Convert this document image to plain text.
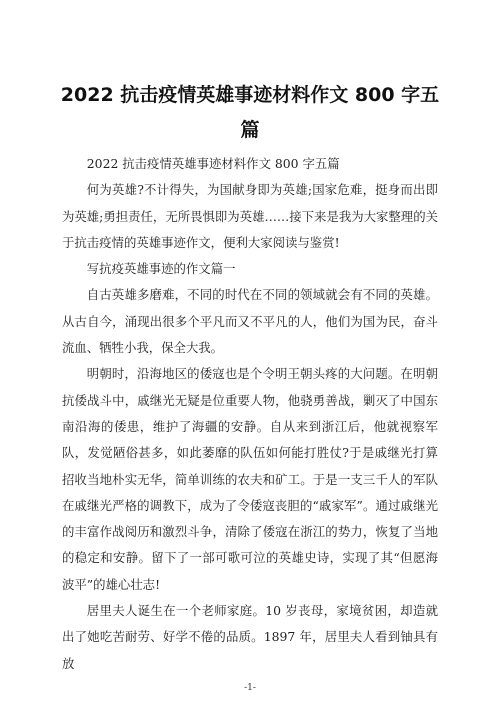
2022 抗击疫情英雄事迹材料作文 800 字五篇

2022 抗击疫情英雄事迹材料作文 800 字五篇

何为英雄?不计得失，为国献身即为英雄;国家危难，挺身而出即为英雄;勇担责任，无所畏惧即为英雄……接下来是我为大家整理的关于抗击疫情的英雄事迹作文，便利大家阅读与鉴赏!

写抗疫英雄事迹的作文篇一

自古英雄多磨难，不同的时代在不同的领域就会有不同的英雄。从古自今，涌现出很多个平凡而又不平凡的人，他们为国为民，奋斗流血、牺牲小我，保全大我。

明朝时，沿海地区的倭寇也是个令明王朝头疼的大问题。在明朝抗倭战斗中，戚继光无疑是位重要人物，他骁勇善战，剿灭了中国东南沿海的倭患，维护了海疆的安静。自从来到浙江后，他就视察军队，发觉陋俗甚多，如此萎靡的队伍如何能打胜仗?于是戚继光打算招收当地朴实无华，简单训练的农夫和矿工。于是一支三千人的军队在戚继光严格的调教下，成为了令倭寇丧胆的“戚家军”。通过戚继光的丰富作战阅历和激烈斗争，清除了倭寇在浙江的势力，恢复了当地的稳定和安静。留下了一部可歌可泣的英雄史诗，实现了其“但愿海波平”的雄心壮志!

居里夫人诞生在一个老师家庭。10 岁丧母，家境贫困，却造就出了她吃苦耐劳、好学不倦的品质。1897 年，居里夫人看到铀具有放

-1-
